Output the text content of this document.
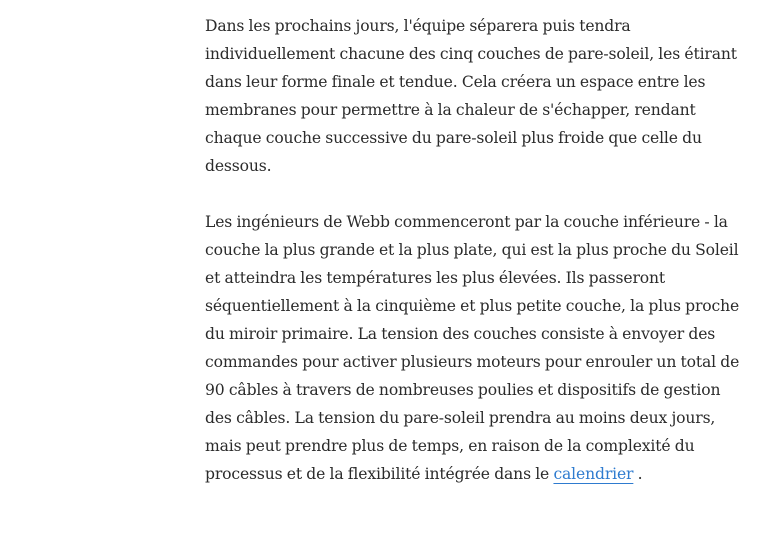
Dans les prochains jours, l'équipe séparera puis tendra individuellement chacune des cinq couches de pare-soleil, les étirant dans leur forme finale et tendue. Cela créera un espace entre les membranes pour permettre à la chaleur de s'échapper, rendant chaque couche successive du pare-soleil plus froide que celle du dessous.

Les ingénieurs de Webb commenceront par la couche inférieure - la couche la plus grande et la plus plate, qui est la plus proche du Soleil et atteindra les températures les plus élevées. Ils passeront séquentiellement à la cinquième et plus petite couche, la plus proche du miroir primaire. La tension des couches consiste à envoyer des commandes pour activer plusieurs moteurs pour enrouler un total de 90 câbles à travers de nombreuses poulies et dispositifs de gestion des câbles. La tension du pare-soleil prendra au moins deux jours, mais peut prendre plus de temps, en raison de la complexité du processus et de la flexibilité intégrée dans le calendrier .
